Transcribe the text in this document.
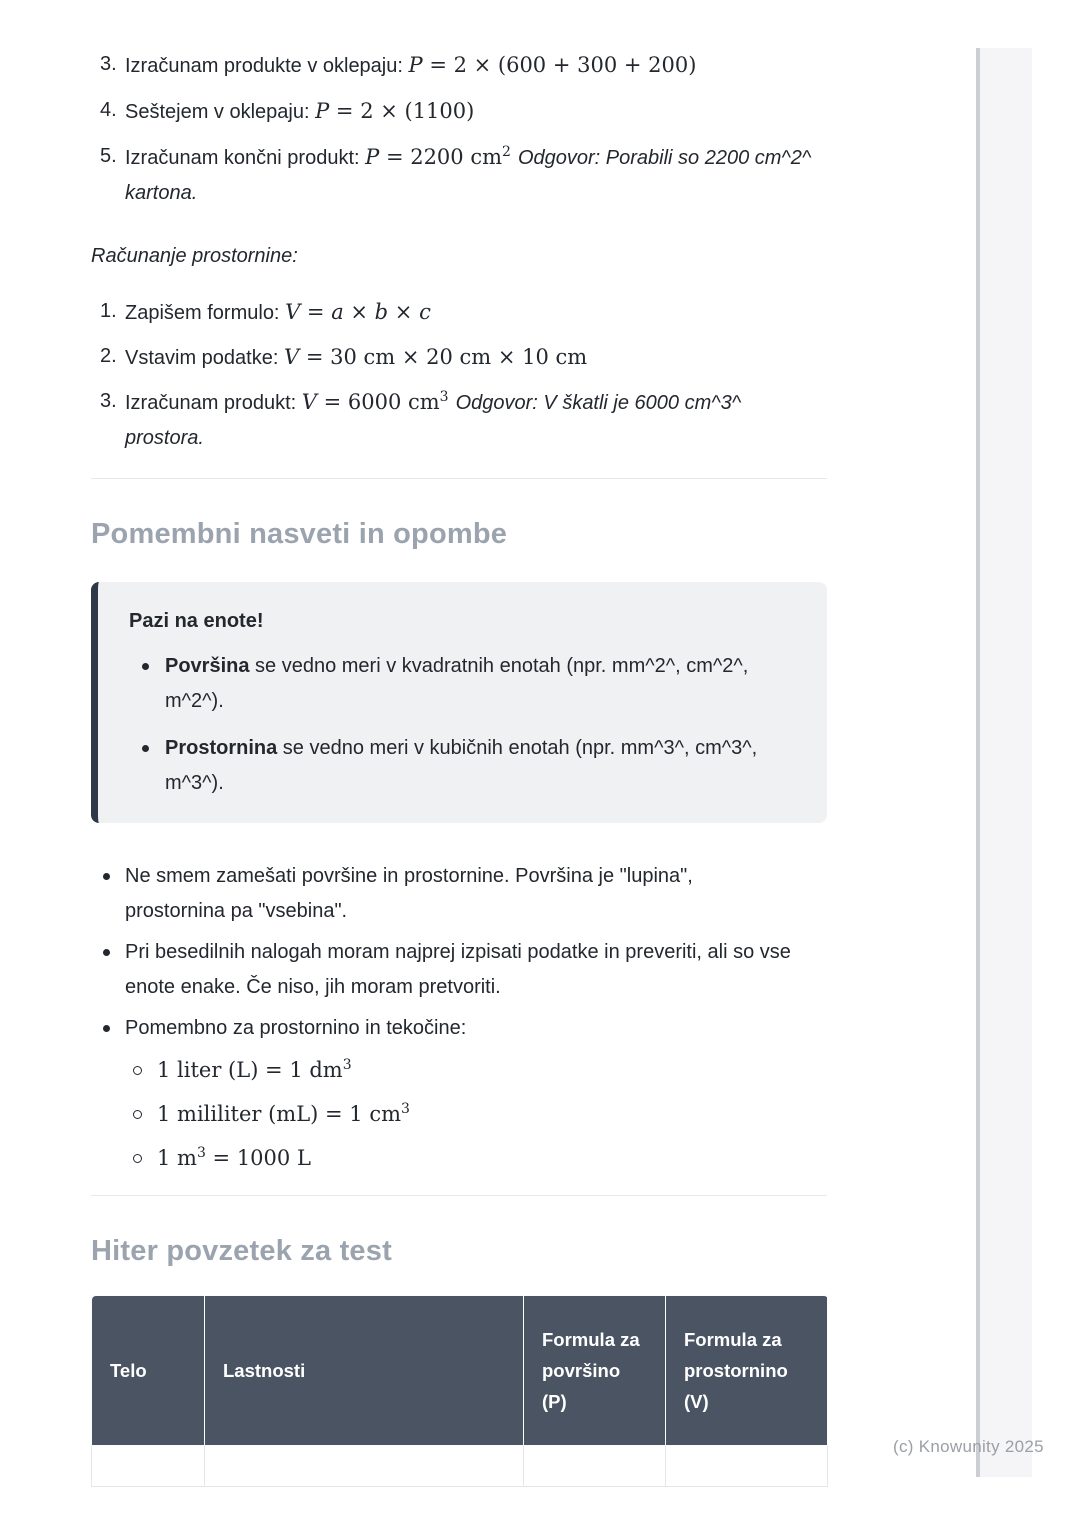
3. Izračunam produkte v oklepaju: P = 2 × (600 + 300 + 200)
4. Seštejem v oklepaju: P = 2 × (1100)
5. Izračunam končni produkt: P = 2200 $cm^2$ Odgovor: Porabili so 2200 cm^2^
kartona.
Računanje prostornine:
1. Zapišem formulo: V = a × b × c
2. Vstavim podatke: V = 30 cm × 20 cm × 10 cm
3. Izračunam produkt: V = 6000 $cm^3$ Odgovor: V škatli je 6000 cm^3^
prostora.
Pomembni nasveti in opombe
Pazi na enote!
Površina se vedno meri v kvadratnih enotah (npr. mm^2^, cm^2^,
m^2^).
Prostornina se vedno meri v kubičnih enotah (npr. mm^3^, cm^3^,
m^3^).
Ne smem zamešati površine in prostornine. Površina je "lupina",
prostornina pa "vsebina".
Pri besedilnih nalogah moram najprej izpisati podatke in preveriti, ali so vse
enote enake. Če niso, jih moram pretvoriti.
Pomembno za prostornino in tekočine:
1 liter (L) = 1 $dm^3$
1 mililiter (mL) = 1 $cm^3$
1 $m^3 = 1000$ L
Hiter povzetek za test
Telo	Lastnosti	Formula za površino (P)	Formula za prostornino (V)

(c) Knowunity 2025
